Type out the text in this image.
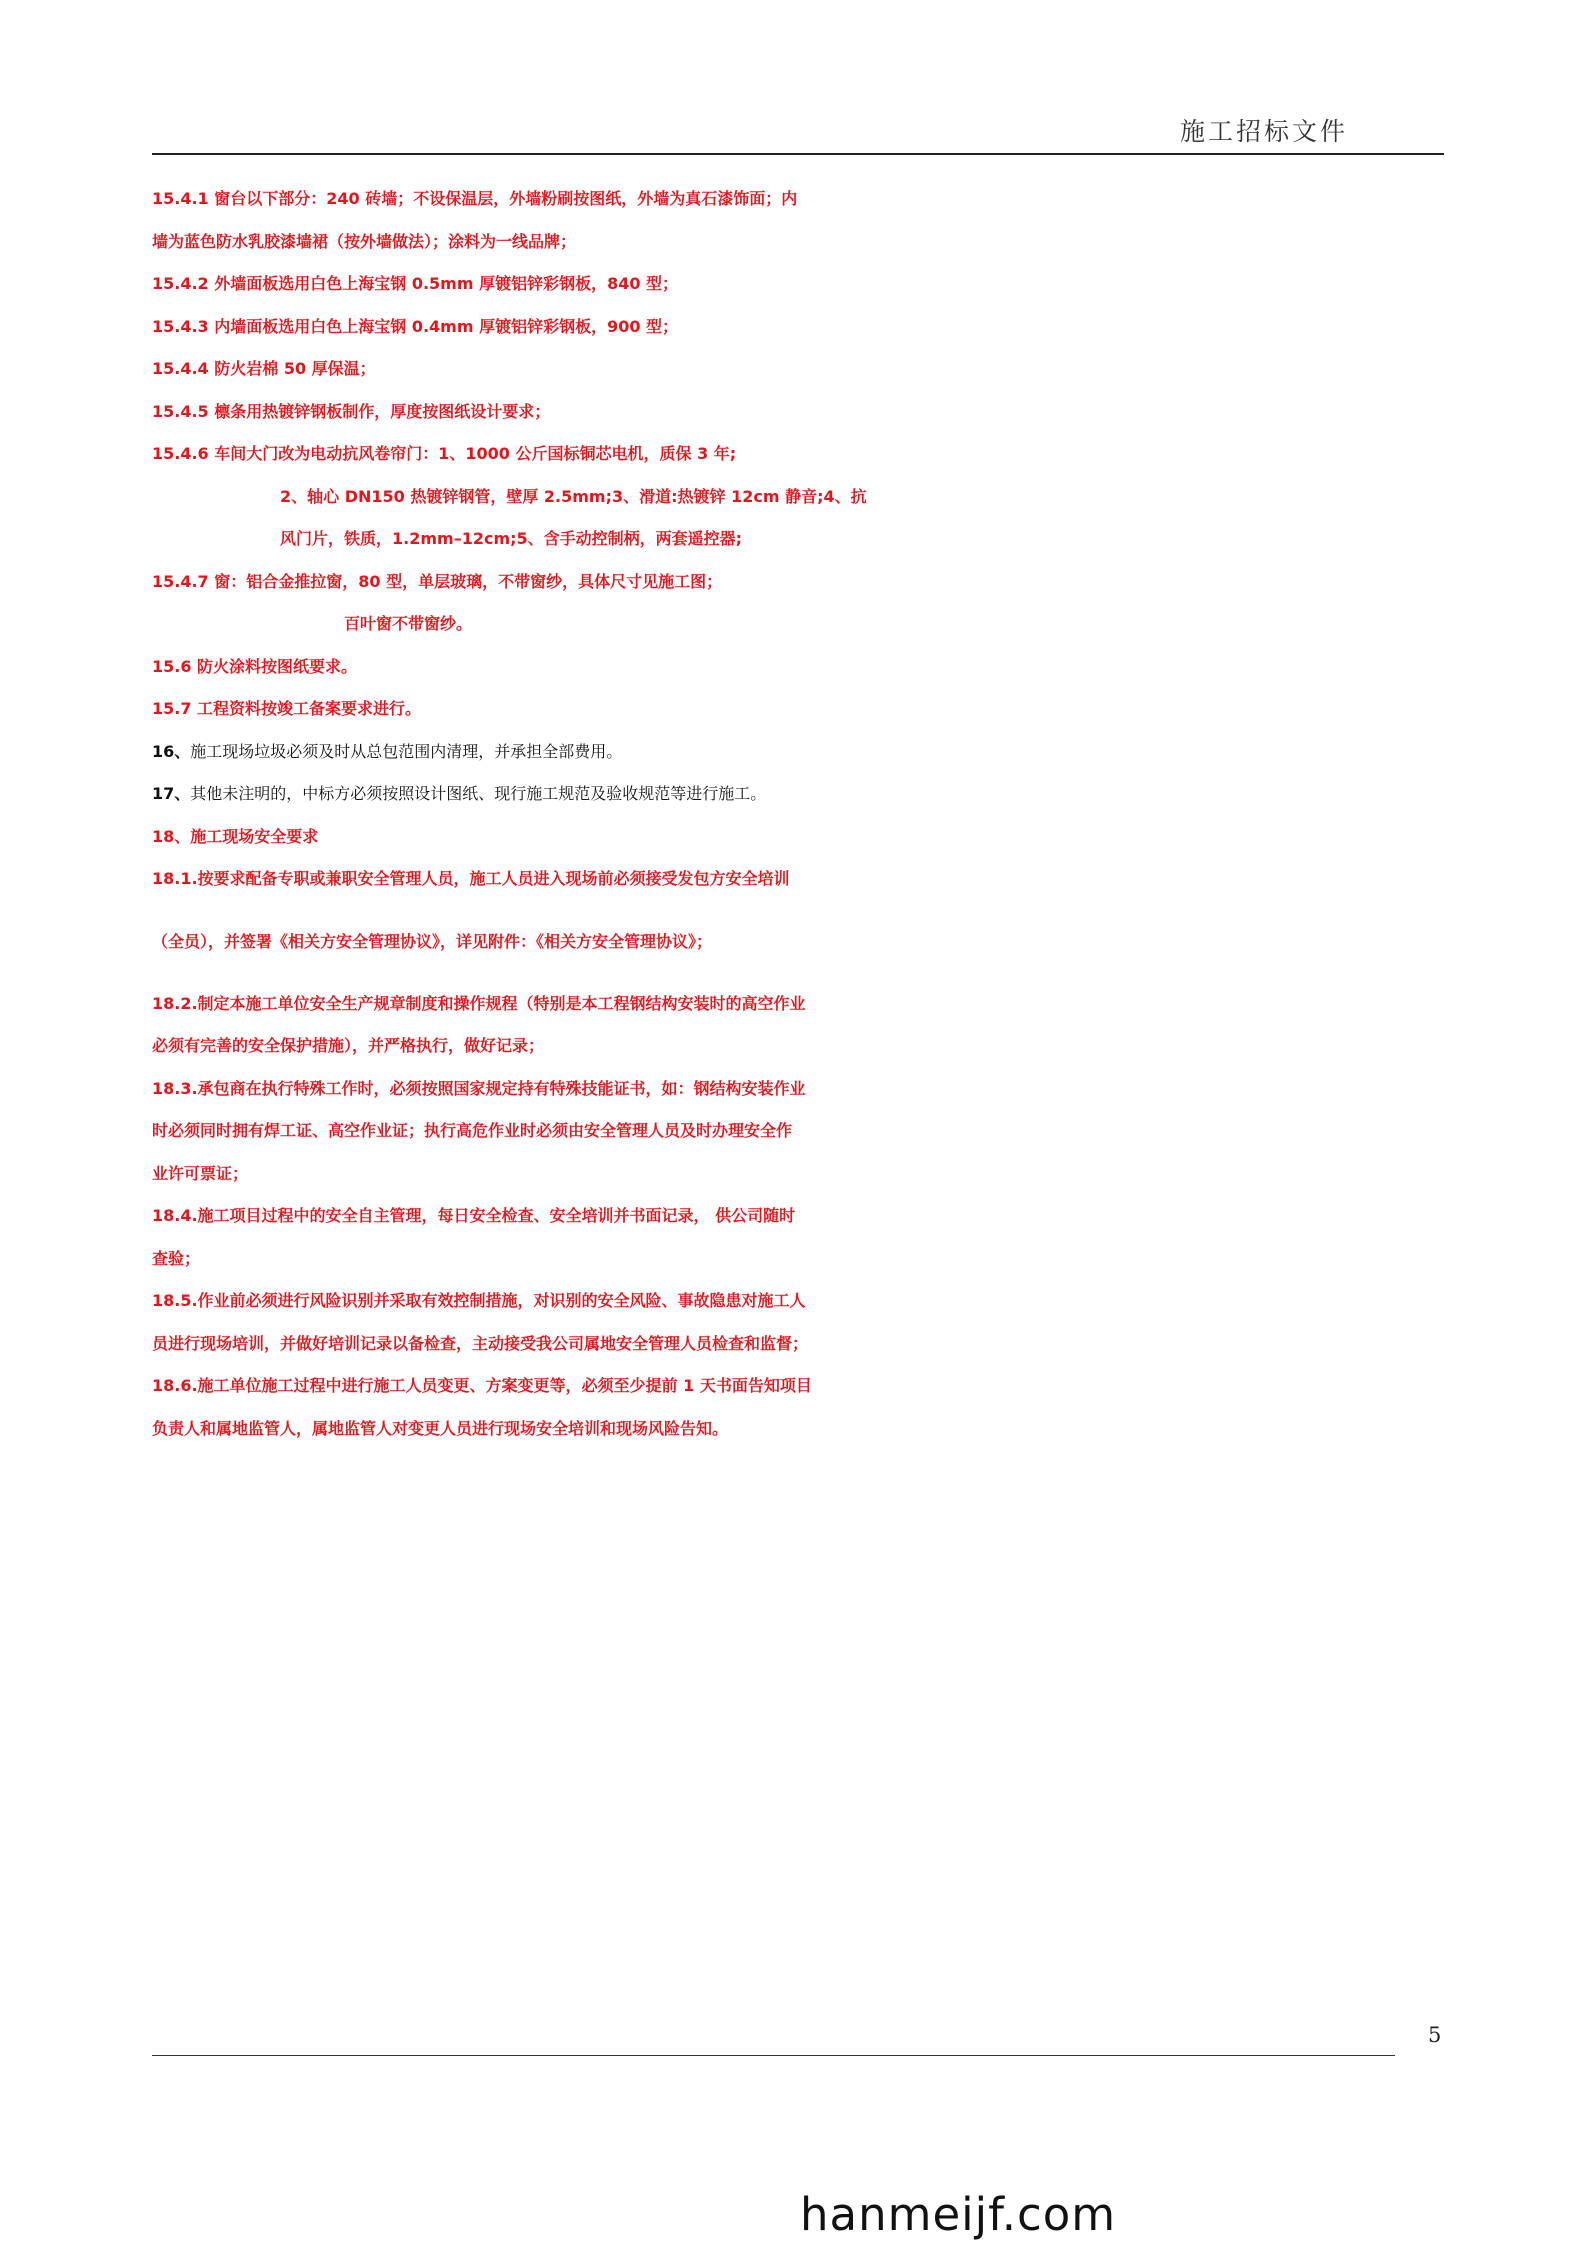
施工招标文件
15.4.1 窗台以下部分：240 砖墙；不设保温层，外墙粉刷按图纸，外墙为真石漆饰面；内
墙为蓝色防水乳胶漆墙裙（按外墙做法）；涂料为一线品牌；
15.4.2 外墙面板选用白色上海宝钢 0.5mm 厚镀铝锌彩钢板，840 型；
15.4.3 内墙面板选用白色上海宝钢 0.4mm 厚镀铝锌彩钢板，900 型；
15.4.4 防火岩棉 50 厚保温；
15.4.5 檩条用热镀锌钢板制作，厚度按图纸设计要求；
15.4.6 车间大门改为电动抗风卷帘门：1、1000 公斤国标铜芯电机，质保 3 年;
2、轴心 DN150 热镀锌钢管，壁厚 2.5mm;3、滑道:热镀锌 12cm 静音;4、抗
风门片，铁质，1.2mm–12cm;5、含手动控制柄，两套遥控器;
15.4.7 窗：铝合金推拉窗，80 型，单层玻璃，不带窗纱，具体尺寸见施工图；
百叶窗不带窗纱。
15.6 防火涂料按图纸要求。
15.7 工程资料按竣工备案要求进行。
16、施工现场垃圾必须及时从总包范围内清理，并承担全部费用。
17、其他未注明的，中标方必须按照设计图纸、现行施工规范及验收规范等进行施工。
18、施工现场安全要求
18.1.按要求配备专职或兼职安全管理人员，施工人员进入现场前必须接受发包方安全培训
（全员），并签署《相关方安全管理协议》，详见附件：《相关方安全管理协议》；
18.2.制定本施工单位安全生产规章制度和操作规程（特别是本工程钢结构安装时的高空作业
必须有完善的安全保护措施），并严格执行，做好记录；
18.3.承包商在执行特殊工作时，必须按照国家规定持有特殊技能证书，如：钢结构安装作业
时必须同时拥有焊工证、高空作业证；执行高危作业时必须由安全管理人员及时办理安全作
业许可票证；
18.4.施工项目过程中的安全自主管理，每日安全检查、安全培训并书面记录， 供公司随时
查验；
18.5.作业前必须进行风险识别并采取有效控制措施，对识别的安全风险、事故隐患对施工人
员进行现场培训，并做好培训记录以备检查，主动接受我公司属地安全管理人员检查和监督；
18.6.施工单位施工过程中进行施工人员变更、方案变更等，必须至少提前 1 天书面告知项目
负责人和属地监管人，属地监管人对变更人员进行现场安全培训和现场风险告知。
5
hanmeijf.com
